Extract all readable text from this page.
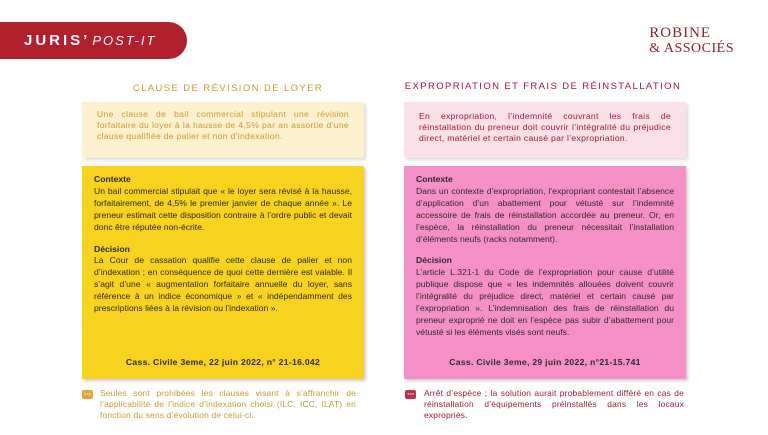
JURIS’ POST-IT	ROBINE
& ASSOCIÉS
CLAUSE DE RÉVISION DE LOYER
Une clause de bail commercial stipulant une révision forfaitaire du loyer à la hausse de 4,5% par an assortie d’une clause qualifiée de palier et non d’indexation.
Contexte

Un bail commercial stipulait que « le loyer sera révisé à la hausse, forfaitairement, de 4,5% le premier janvier de chaque année ». Le preneur estimait cette disposition contraire à l’ordre public et devait donc être réputée non-écrite.

Décision

La Cour de cassation qualifie cette clause de palier et non d’indexation ; en conséquence de quoi cette dernière est valable. Il s’agit d’une « augmentation forfaitaire annuelle du loyer, sans référence à un indice économique » et « indépendamment des prescriptions liées à la révision ou l’indexation ».

Cass. Civile 3eme, 22 juin 2022, n° 21-16.042
Seules sont prohibées les clauses visant à s’affranchir de l’applicabilité de l’indice d’indexation choisi (ILC, ICC, ILAT) en fonction du sens d’évolution de celui-ci.
EXPROPRIATION ET FRAIS DE RÉINSTALLATION
En expropriation, l’indemnité couvrant les frais de réinstallation du preneur doit couvrir l’intégralité du préjudice direct, matériel et certain causé par l’expropriation.
Contexte

Dans un contexte d’expropriation, l’expropriant contestait l’absence d’application d’un abattement pour vétusté sur l’indemnité accessoire de frais de réinstallation accordée au preneur. Or, en l’espèce, la réinstallation du preneur nécessitait l’installation d’éléments neufs (racks notamment).

Décision

L’article L.321-1 du Code de l’expropriation pour cause d’utilité publique dispose que « les indemnités allouées doivent couvrir l’intégralité du préjudice direct, matériel et certain causé par l’expropriation ». L’indemnisation des frais de réinstallation du preneur exproprié ne doit en l’espèce pas subir d’abattement pour vétusté si les éléments visés sont neufs.

Cass. Civile 3eme, 29 juin 2022, n°21-15.741
Arrêt d’espèce ; la solution aurait probablement différé en cas de réinstallation d’équipements préinstallés dans les locaux expropriés.
